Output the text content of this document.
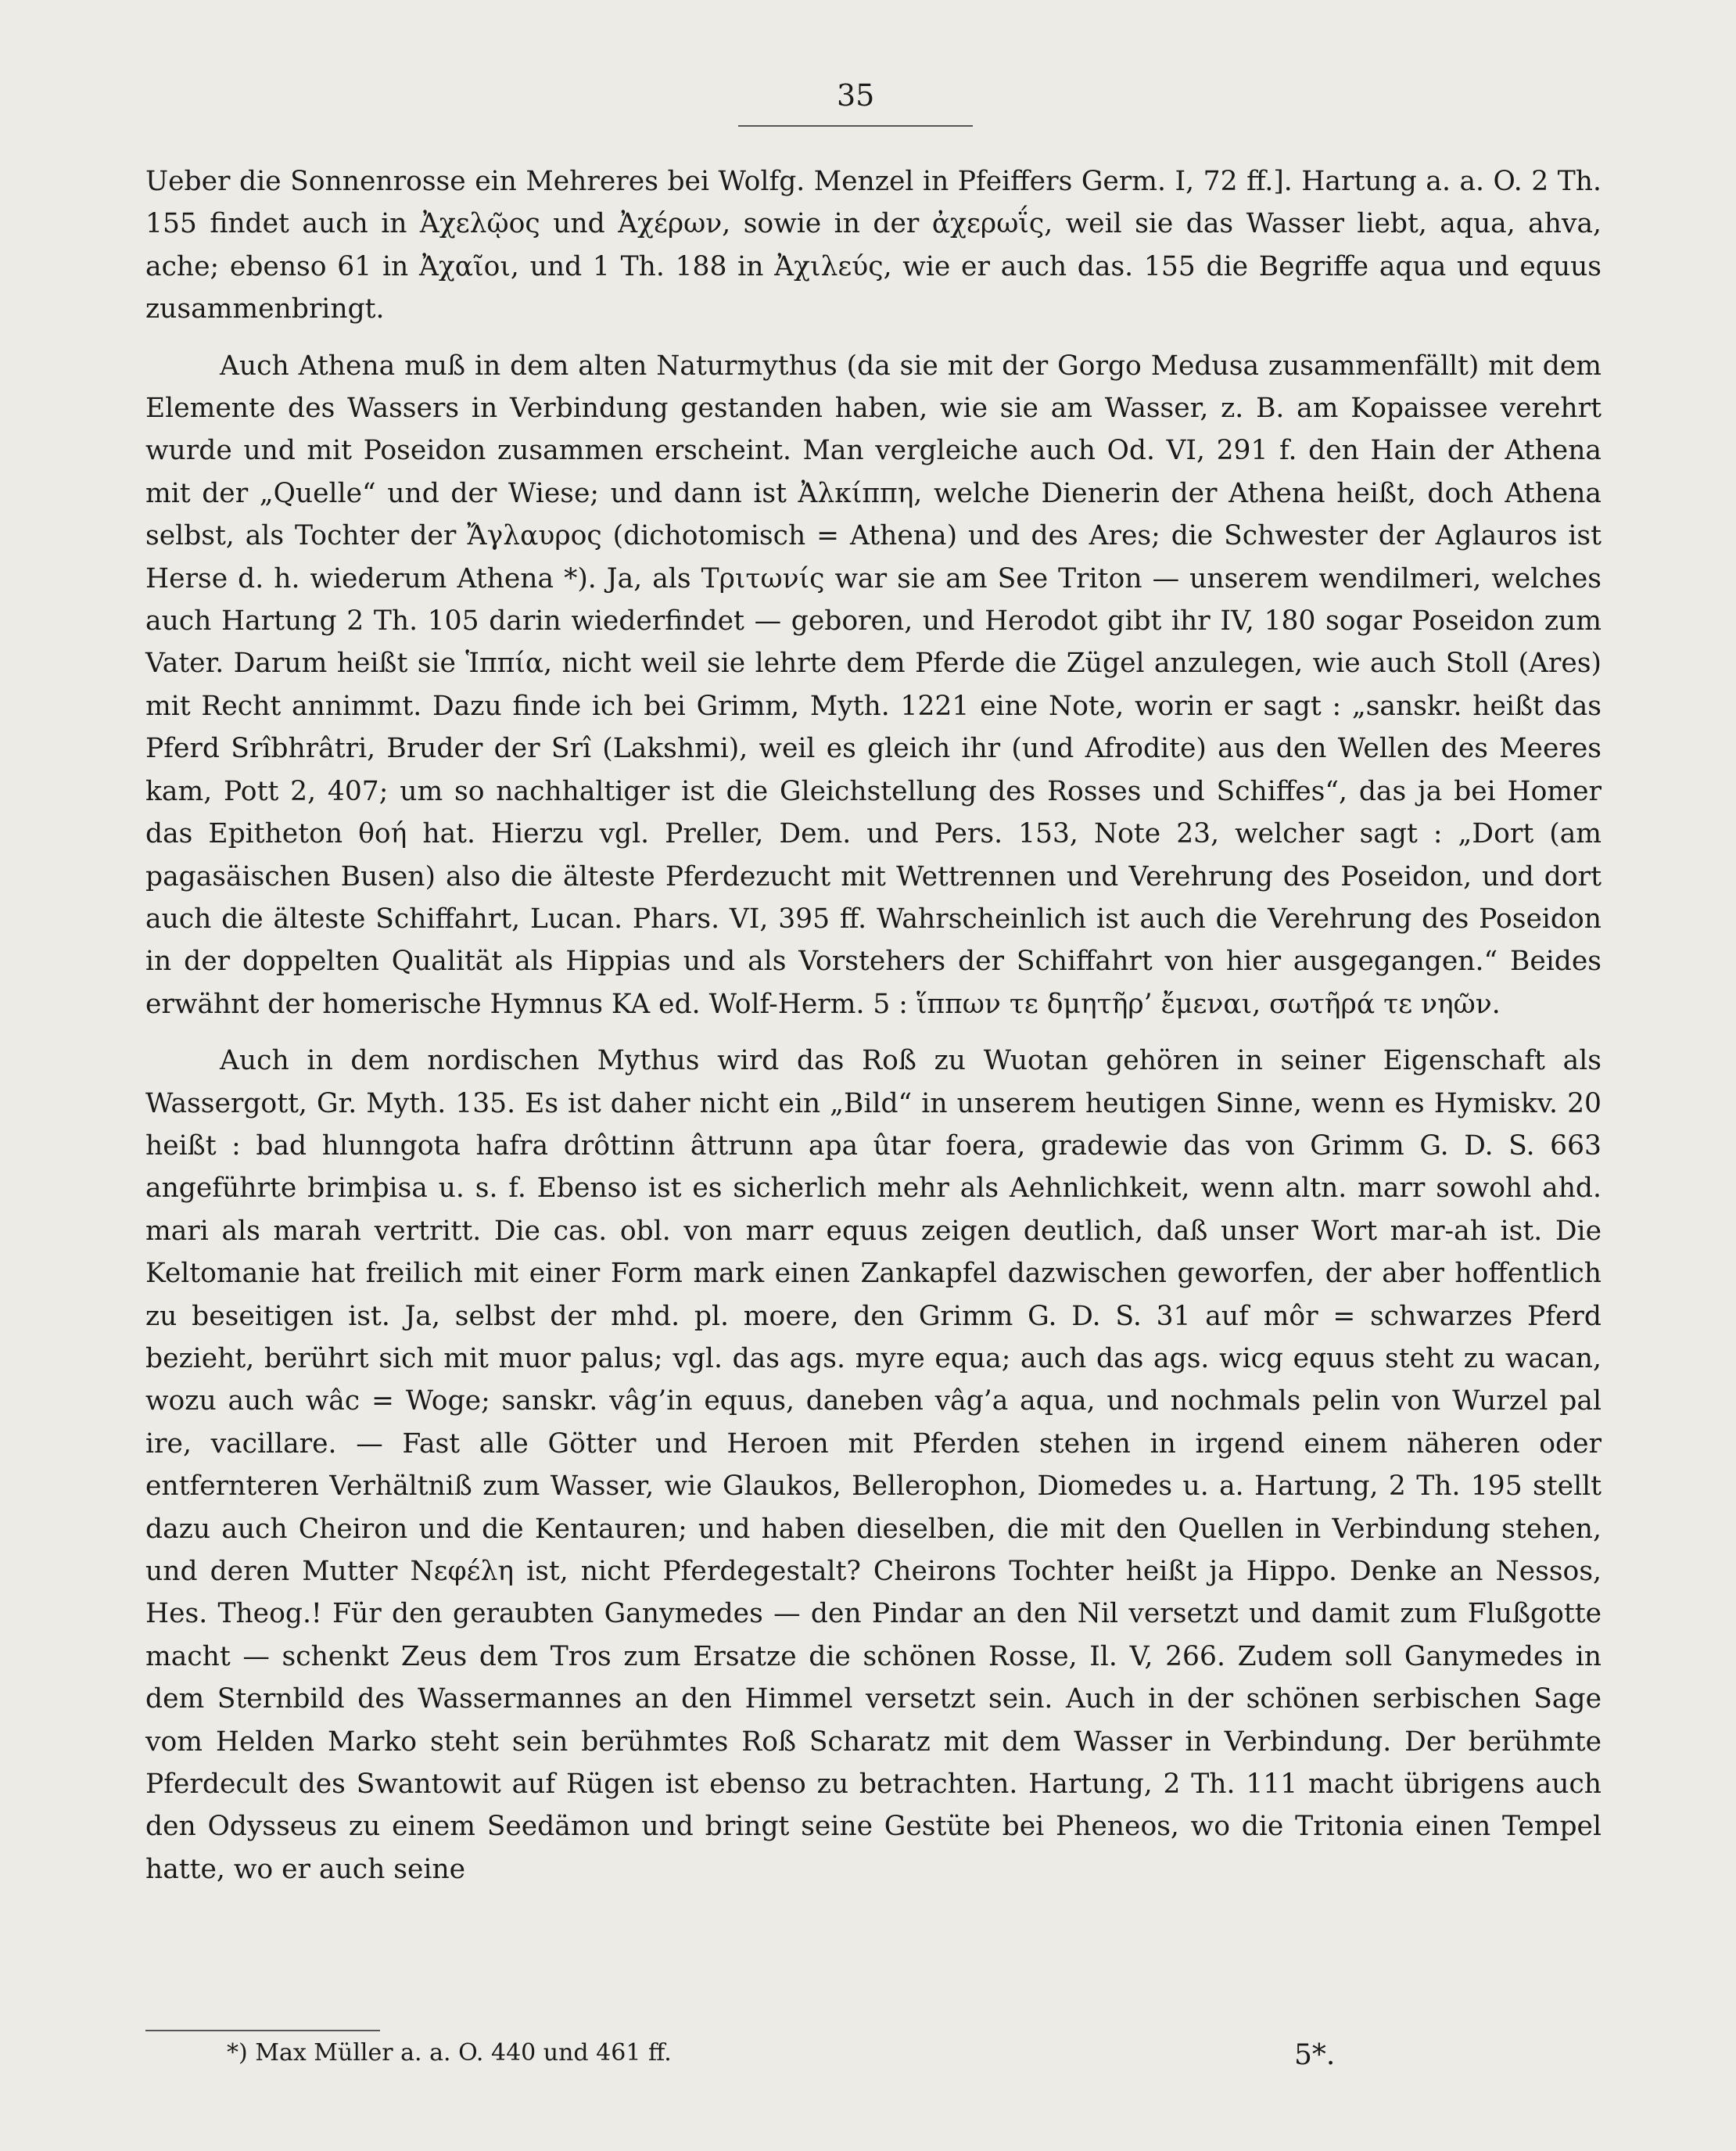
35

Ueber die Sonnenrosse ein Mehreres bei Wolfg. Menzel in Pfeiffers Germ. I, 72 ff.]. Hartung a. a. O. 2 Th. 155 findet auch in Ἀχελῷος und Ἀχέρων, sowie in der ἀχερωΐς, weil sie das Wasser liebt, aqua, ahva, ache; ebenso 61 in Ἀχαῖοι, und 1 Th. 188 in Ἀχιλεύς, wie er auch das. 155 die Begriffe aqua und equus zusammenbringt.

Auch Athena muß in dem alten Naturmythus (da sie mit der Gorgo Medusa zusammenfällt) mit dem Elemente des Wassers in Verbindung gestanden haben, wie sie am Wasser, z. B. am Kopaissee verehrt wurde und mit Poseidon zusammen erscheint. Man vergleiche auch Od. VI, 291 f. den Hain der Athena mit der „Quelle“ und der Wiese; und dann ist Ἀλκίππη, welche Dienerin der Athena heißt, doch Athena selbst, als Tochter der Ἄγλαυρος (dichotomisch = Athena) und des Ares; die Schwester der Aglauros ist Herse d. h. wiederum Athena *). Ja, als Τριτωνίς war sie am See Triton — unserem wendilmeri, welches auch Hartung 2 Th. 105 darin wiederfindet — geboren, und Herodot gibt ihr IV, 180 sogar Poseidon zum Vater. Darum heißt sie Ἱππία, nicht weil sie lehrte dem Pferde die Zügel anzulegen, wie auch Stoll (Ares) mit Recht annimmt. Dazu finde ich bei Grimm, Myth. 1221 eine Note, worin er sagt : „sanskr. heißt das Pferd Srîbhrâtri, Bruder der Srî (Lakshmi), weil es gleich ihr (und Afrodite) aus den Wellen des Meeres kam, Pott 2, 407; um so nachhaltiger ist die Gleichstellung des Rosses und Schiffes“, das ja bei Homer das Epitheton θοή hat. Hierzu vgl. Preller, Dem. und Pers. 153, Note 23, welcher sagt : „Dort (am pagasäischen Busen) also die älteste Pferdezucht mit Wettrennen und Verehrung des Poseidon, und dort auch die älteste Schiffahrt, Lucan. Phars. VI, 395 ff. Wahrscheinlich ist auch die Verehrung des Poseidon in der doppelten Qualität als Hippias und als Vorstehers der Schiffahrt von hier ausgegangen.“ Beides erwähnt der homerische Hymnus KA ed. Wolf-Herm. 5 : ἵππων τε δμητῆρ’ ἔμεναι, σωτῆρά τε νηῶν.

Auch in dem nordischen Mythus wird das Roß zu Wuotan gehören in seiner Eigenschaft als Wassergott, Gr. Myth. 135. Es ist daher nicht ein „Bild“ in unserem heutigen Sinne, wenn es Hymiskv. 20 heißt : bad hlunngota hafra drôttinn âttrunn apa ûtar foera, gradewie das von Grimm G. D. S. 663 angeführte brimþisa u. s. f. Ebenso ist es sicherlich mehr als Aehnlichkeit, wenn altn. marr sowohl ahd. mari als marah vertritt. Die cas. obl. von marr equus zeigen deutlich, daß unser Wort mar-ah ist. Die Keltomanie hat freilich mit einer Form mark einen Zankapfel dazwischen geworfen, der aber hoffentlich zu beseitigen ist. Ja, selbst der mhd. pl. moere, den Grimm G. D. S. 31 auf môr = schwarzes Pferd bezieht, berührt sich mit muor palus; vgl. das ags. myre equa; auch das ags. wicg equus steht zu wacan, wozu auch wâc = Woge; sanskr. vâg’in equus, daneben vâg’a aqua, und nochmals pelin von Wurzel pal ire, vacillare. — Fast alle Götter und Heroen mit Pferden stehen in irgend einem näheren oder entfernteren Verhältniß zum Wasser, wie Glaukos, Bellerophon, Diomedes u. a. Hartung, 2 Th. 195 stellt dazu auch Cheiron und die Kentauren; und haben dieselben, die mit den Quellen in Verbindung stehen, und deren Mutter Νεφέλη ist, nicht Pferdegestalt? Cheirons Tochter heißt ja Hippo. Denke an Nessos, Hes. Theog.! Für den geraubten Ganymedes — den Pindar an den Nil versetzt und damit zum Flußgotte macht — schenkt Zeus dem Tros zum Ersatze die schönen Rosse, Il. V, 266. Zudem soll Ganymedes in dem Sternbild des Wassermannes an den Himmel versetzt sein. Auch in der schönen serbischen Sage vom Helden Marko steht sein berühmtes Roß Scharatz mit dem Wasser in Verbindung. Der berühmte Pferdecult des Swantowit auf Rügen ist ebenso zu betrachten. Hartung, 2 Th. 111 macht übrigens auch den Odysseus zu einem Seedämon und bringt seine Gestüte bei Pheneos, wo die Tritonia einen Tempel hatte, wo er auch seine

*) Max Müller a. a. O. 440 und 461 ff.	5*.
